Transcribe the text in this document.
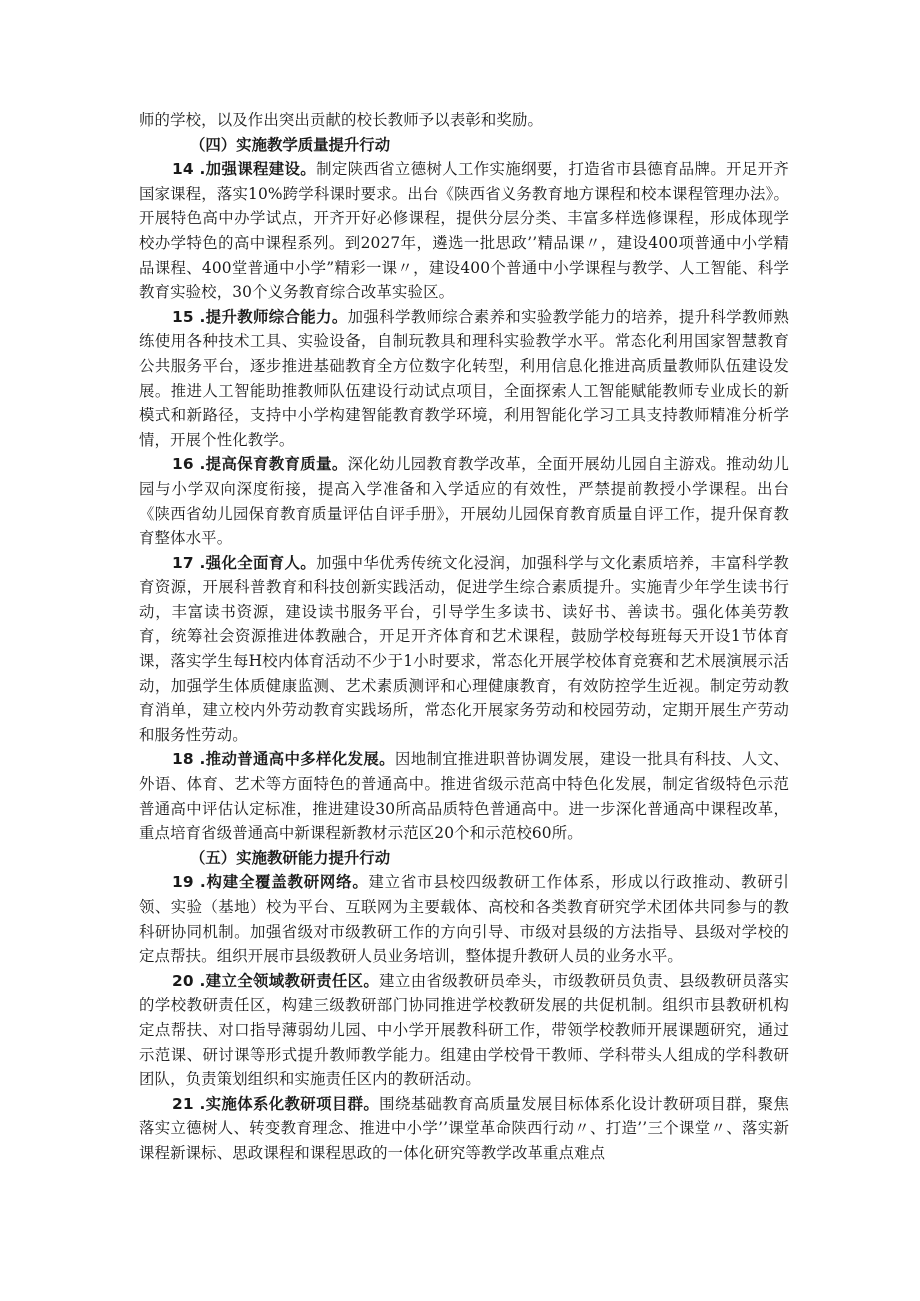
师的学校，以及作出突出贡献的校长教师予以表彰和奖励。

（四）实施教学质量提升行动

14 .加强课程建设。制定陕西省立德树人工作实施纲要，打造省市县德育品牌。开足开齐国家课程，落实10%跨学科课时要求。出台《陕西省义务教育地方课程和校本课程管理办法》。开展特色高中办学试点，开齐开好必修课程，提供分层分类、丰富多样选修课程，形成体现学校办学特色的高中课程系列。到2027年，遴选一批思政’’精品课〃，建设400项普通中小学精品课程、400堂普通中小学”精彩一课〃，建设400个普通中小学课程与教学、人工智能、科学教育实验校，30个义务教育综合改革实验区。

15 .提升教师综合能力。加强科学教师综合素养和实验教学能力的培养，提升科学教师熟练使用各种技术工具、实验设备，自制玩教具和理科实验教学水平。常态化利用国家智慧教育公共服务平台，逐步推进基础教育全方位数字化转型，利用信息化推进高质量教师队伍建设发展。推进人工智能助推教师队伍建设行动试点项目，全面探索人工智能赋能教师专业成长的新模式和新路径，支持中小学构建智能教育教学环境，利用智能化学习工具支持教师精准分析学情，开展个性化教学。

16 .提高保育教育质量。深化幼儿园教育教学改革，全面开展幼儿园自主游戏。推动幼儿园与小学双向深度衔接，提高入学准备和入学适应的有效性，严禁提前教授小学课程。出台《陕西省幼儿园保育教育质量评估自评手册》，开展幼儿园保育教育质量自评工作，提升保育教育整体水平。

17 .强化全面育人。加强中华优秀传统文化浸润，加强科学与文化素质培养，丰富科学教育资源，开展科普教育和科技创新实践活动，促进学生综合素质提升。实施青少年学生读书行动，丰富读书资源，建设读书服务平台，引导学生多读书、读好书、善读书。强化体美劳教育，统筹社会资源推进体教融合，开足开齐体育和艺术课程，鼓励学校每班每天开设1节体育课，落实学生每H校内体育活动不少于1小时要求，常态化开展学校体育竞赛和艺术展演展示活动，加强学生体质健康监测、艺术素质测评和心理健康教育，有效防控学生近视。制定劳动教育消单，建立校内外劳动教育实践场所，常态化开展家务劳动和校园劳动，定期开展生产劳动和服务性劳动。

18 .推动普通高中多样化发展。因地制宜推进职普协调发展，建设一批具有科技、人文、外语、体育、艺术等方面特色的普通高中。推进省级示范高中特色化发展，制定省级特色示范普通高中评估认定标准，推进建设30所高品质特色普通高中。进一步深化普通高中课程改革，重点培育省级普通高中新课程新教材示范区20个和示范校60所。

（五）实施教研能力提升行动

19 .构建全覆盖教研网络。建立省市县校四级教研工作体系，形成以行政推动、教研引领、实验（基地）校为平台、互联网为主要载体、高校和各类教育研究学术团体共同参与的教科研协同机制。加强省级对市级教研工作的方向引导、市级对县级的方法指导、县级对学校的定点帮扶。组织开展市县级教研人员业务培训，整体提升教研人员的业务水平。

20 .建立全领域教研责任区。建立由省级教研员牵头，市级教研员负责、县级教研员落实的学校教研责任区，构建三级教研部门协同推进学校教研发展的共促机制。组织市县教研机构定点帮扶、对口指导薄弱幼儿园、中小学开展教科研工作，带领学校教师开展课题研究，通过示范课、研讨课等形式提升教师教学能力。组建由学校骨干教师、学科带头人组成的学科教研团队，负责策划组织和实施责任区内的教研活动。

21 .实施体系化教研项目群。围绕基础教育高质量发展目标体系化设计教研项目群，聚焦落实立德树人、转变教育理念、推进中小学’’课堂革命陕西行动〃、打造’’三个课堂〃、落实新课程新课标、思政课程和课程思政的一体化研究等教学改革重点难点
